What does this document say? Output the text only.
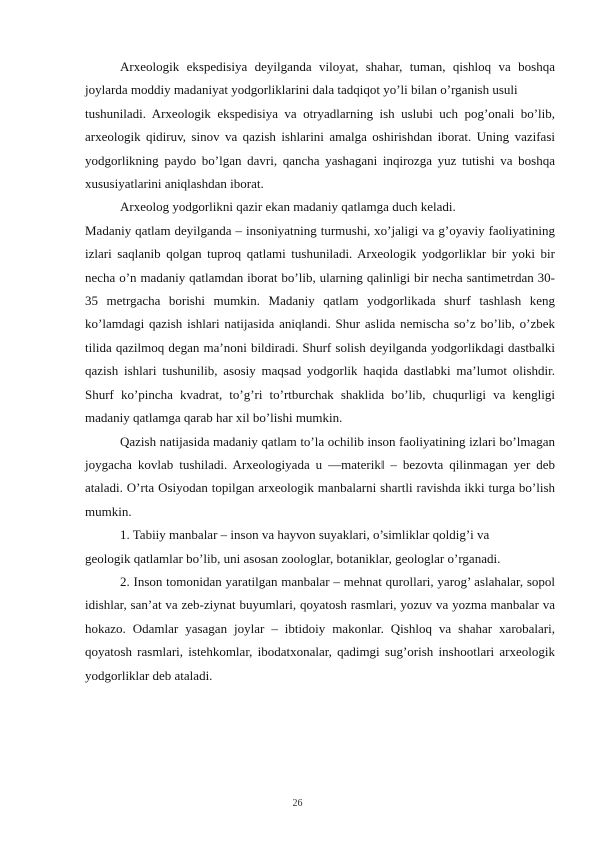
Arxeologik ekspedisiya deyilganda viloyat, shahar, tuman, qishloq va boshqa joylarda moddiy madaniyat yodgorliklarini dala tadqiqot yo’li bilan o’rganish usuli

tushuniladi. Arxeologik ekspedisiya va otryadlarning ish uslubi uch pog’onali bo’lib, arxeologik qidiruv, sinov va qazish ishlarini amalga oshirishdan iborat. Uning vazifasi yodgorlikning paydo bo’lgan davri, qancha yashagani inqirozga yuz tutishi va boshqa xususiyatlarini aniqlashdan iborat.

Arxeolog yodgorlikni qazir ekan madaniy qatlamga duch keladi.

Madaniy qatlam deyilganda – insoniyatning turmushi, xo’jaligi va g’oyaviy faoliyatining izlari saqlanib qolgan tuproq qatlami tushuniladi. Arxeologik yodgorliklar bir yoki bir necha o’n madaniy qatlamdan iborat bo’lib, ularning qalinligi bir necha santimetrdan 30-35 metrgacha borishi mumkin. Madaniy qatlam yodgorlikada shurf tashlash keng ko’lamdagi qazish ishlari natijasida aniqlandi. Shur aslida nemischa so’z bo’lib, o’zbek tilida qazilmoq degan ma’noni bildiradi. Shurf solish deyilganda yodgorlikdagi dastbalki qazish ishlari tushunilib, asosiy maqsad yodgorlik haqida dastlabki ma’lumot olishdir. Shurf ko’pincha kvadrat, to’g’ri to’rtburchak shaklida bo’lib, chuqurligi va kengligi madaniy qatlamga qarab har xil bo’lishi mumkin.

Qazish natijasida madaniy qatlam to’la ochilib inson faoliyatining izlari bo’lmagan joygacha kovlab tushiladi. Arxeologiyada u ―materik‖ – bezovta qilinmagan yer deb ataladi. O’rta Osiyodan topilgan arxeologik manbalarni shartli ravishda ikki turga bo’lish mumkin.

1. Tabiiy manbalar – inson va hayvon suyaklari, o’simliklar qoldig’i va

geologik qatlamlar bo’lib, uni asosan zoologlar, botaniklar, geologlar o’rganadi.

2. Inson tomonidan yaratilgan manbalar – mehnat qurollari, yarog’ aslahalar, sopol idishlar, san’at va zeb-ziynat buyumlari, qoyatosh rasmlari, yozuv va yozma manbalar va hokazo. Odamlar yasagan joylar – ibtidoiy makonlar. Qishloq va shahar xarobalari, qoyatosh rasmlari, istehkomlar, ibodatxonalar, qadimgi sug’orish inshootlari arxeologik yodgorliklar deb ataladi.

26
